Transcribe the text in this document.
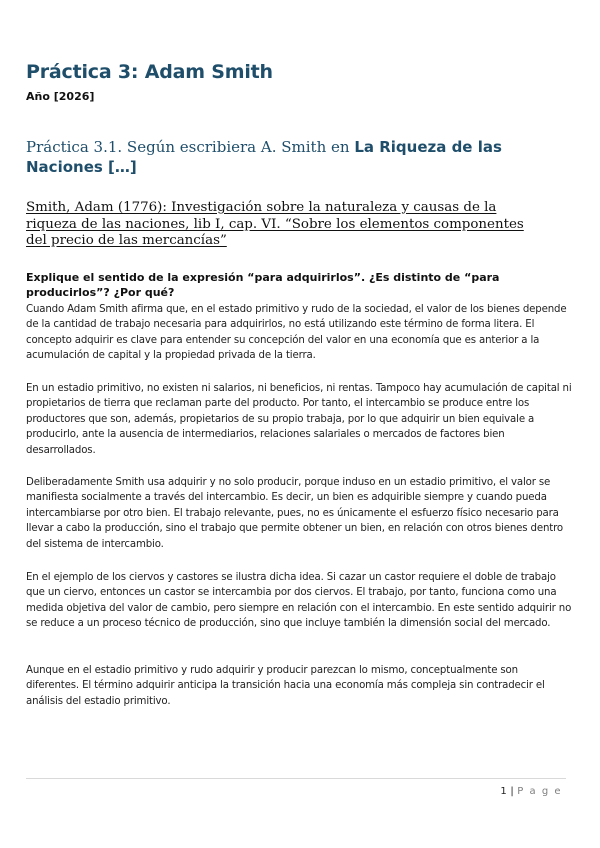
Práctica 3: Adam Smith
Año [2026]
Práctica 3.1. Según escribiera A. Smith en La Riqueza de las Naciones […]
Smith, Adam (1776): Investigación sobre la naturaleza y causas de la riqueza de las naciones, lib I, cap. VI. “Sobre los elementos componentes del precio de las mercancías”
Explique el sentido de la expresión “para adquirirlos”. ¿Es distinto de “para producirlos”? ¿Por qué?
Cuando Adam Smith afirma que, en el estado primitivo y rudo de la sociedad, el valor de los bienes depende de la cantidad de trabajo necesaria para adquirirlos, no está utilizando este término de forma litera. El concepto adquirir es clave para entender su concepción del valor en una economía que es anterior a la acumulación de capital y la propiedad privada de la tierra.
En un estadio primitivo, no existen ni salarios, ni beneficios, ni rentas. Tampoco hay acumulación de capital ni propietarios de tierra que reclaman parte del producto. Por tanto, el intercambio se produce entre los productores que son, además, propietarios de su propio trabaja, por lo que adquirir un bien equivale a producirlo, ante la ausencia de intermediarios, relaciones salariales o mercados de factores bien desarrollados.
Deliberadamente Smith usa adquirir y no solo producir, porque induso en un estadio primitivo, el valor se manifiesta socialmente a través del intercambio. Es decir, un bien es adquirible siempre y cuando pueda intercambiarse por otro bien. El trabajo relevante, pues, no es únicamente el esfuerzo físico necesario para llevar a cabo la producción, sino el trabajo que permite obtener un bien, en relación con otros bienes dentro del sistema de intercambio.
En el ejemplo de los ciervos y castores se ilustra dicha idea. Si cazar un castor requiere el doble de trabajo que un ciervo, entonces un castor se intercambia por dos ciervos. El trabajo, por tanto, funciona como una medida objetiva del valor de cambio, pero siempre en relación con el intercambio. En este sentido adquirir no se reduce a un proceso técnico de producción, sino que incluye también la dimensión social del mercado.
Aunque en el estadio primitivo y rudo adquirir y producir parezcan lo mismo, conceptualmente son diferentes. El término adquirir anticipa la transición hacia una economía más compleja sin contradecir el análisis del estadio primitivo.
1 | P a g e
